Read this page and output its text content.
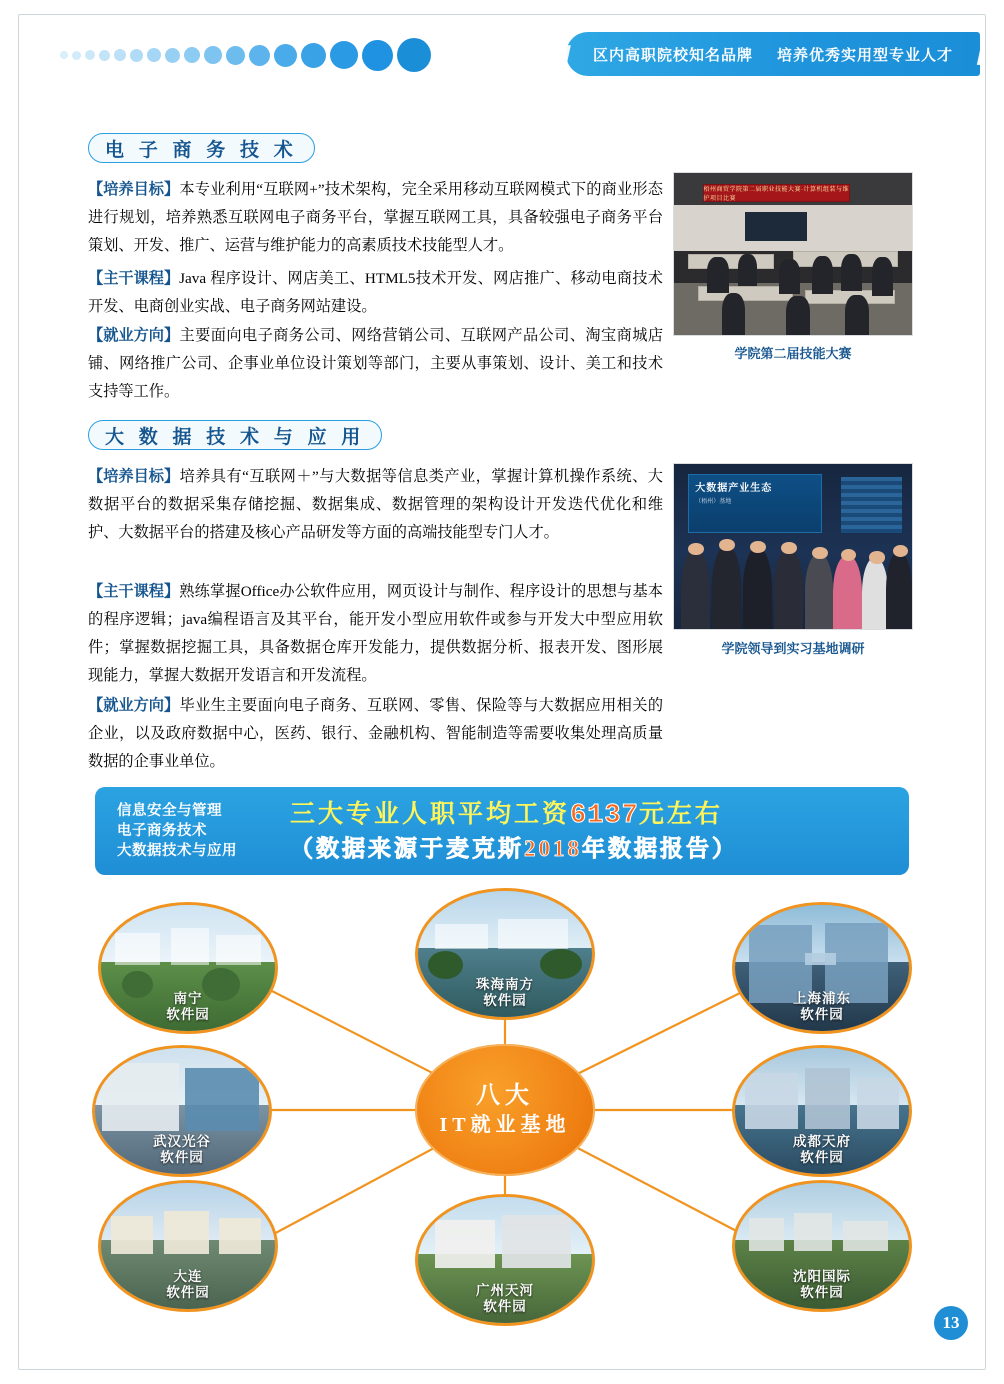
❙❙	区内高职院校知名品牌 培养优秀实用型专业人才 ❙❙
电 子 商 务 技 术
【培养目标】本专业利用“互联网+”技术架构，完全采用移动互联网模式下的商业形态进行规划，培养熟悉互联网电子商务平台，掌握互联网工具，具备较强电子商务平台策划、开发、推广、运营与维护能力的高素质技术技能型人才。
【主干课程】Java 程序设计、网店美工、HTML5技术开发、网店推广、移动电商技术开发、电商创业实战、电子商务网站建设。
【就业方向】主要面向电子商务公司、网络营销公司、互联网产品公司、淘宝商城店铺、网络推广公司、企事业单位设计策划等部门，主要从事策划、设计、美工和技术支持等工作。
梧州商贸学院第二届职业技能大赛·计算机组装与维护项目比赛
学院第二届技能大赛
大 数 据 技 术 与 应 用
【培养目标】培养具有“互联网＋”与大数据等信息类产业，掌握计算机操作系统、大数据平台的数据采集存储挖掘、数据集成、数据管理的架构设计开发迭代优化和维护、大数据平台的搭建及核心产品研发等方面的高端技能型专门人才。
【主干课程】熟练掌握Office办公软件应用，网页设计与制作、程序设计的思想与基本的程序逻辑；java编程语言及其平台，能开发小型应用软件或参与开发大中型应用软件；掌握数据挖掘工具，具备数据仓库开发能力，提供数据分析、报表开发、图形展现能力，掌握大数据开发语言和开发流程。
【就业方向】毕业生主要面向电子商务、互联网、零售、保险等与大数据应用相关的企业，以及政府数据中心，医药、银行、金融机构、智能制造等需要收集处理高质量数据的企事业单位。
大数据产业生态
（梧州）基地
学院领导到实习基地调研
信息安全与管理
电子商务技术
大数据技术与应用
三大专业人职平均工资6137元左右
（数据来源于麦克斯2018年数据报告）
南宁
软件园
珠海南方
软件园	上海浦东
软件园
武汉光谷
软件园
成都天府
软件园
大连
软件园	广州天河
软件园
沈阳国际
软件园
八大
IT就业基地
13
